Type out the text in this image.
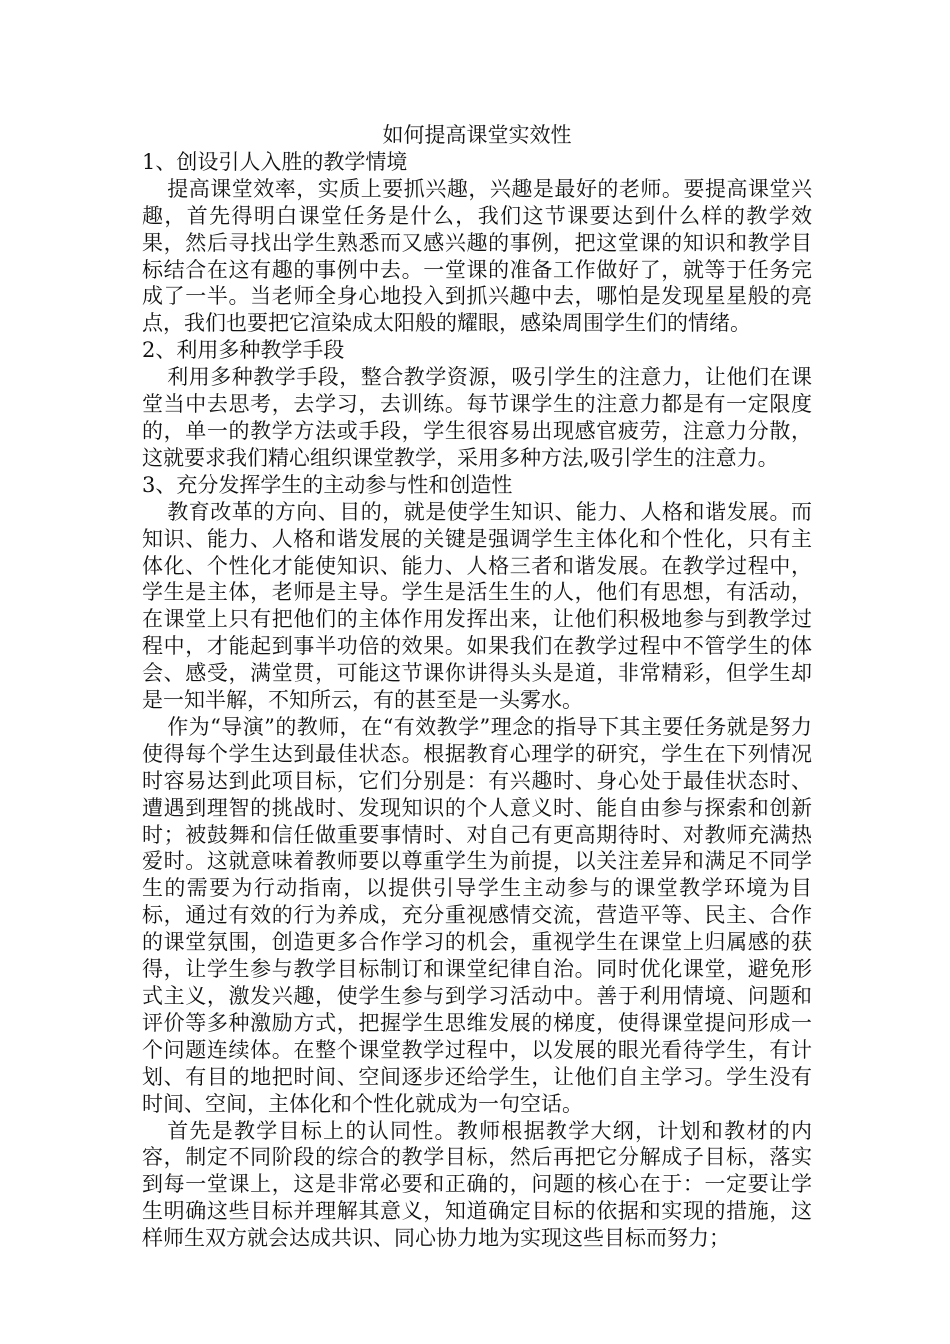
如何提高课堂实效性

1、创设引人入胜的教学情境

提高课堂效率，实质上要抓兴趣，兴趣是最好的老师。要提高课堂兴趣，首先得明白课堂任务是什么，我们这节课要达到什么样的教学效果，然后寻找出学生熟悉而又感兴趣的事例，把这堂课的知识和教学目标结合在这有趣的事例中去。一堂课的准备工作做好了，就等于任务完成了一半。当老师全身心地投入到抓兴趣中去，哪怕是发现星星般的亮点，我们也要把它渲染成太阳般的耀眼，感染周围学生们的情绪。

2、利用多种教学手段

利用多种教学手段，整合教学资源，吸引学生的注意力，让他们在课堂当中去思考，去学习，去训练。每节课学生的注意力都是有一定限度的，单一的教学方法或手段，学生很容易出现感官疲劳，注意力分散，这就要求我们精心组织课堂教学，采用多种方法,吸引学生的注意力。

3、充分发挥学生的主动参与性和创造性

教育改革的方向、目的，就是使学生知识、能力、人格和谐发展。而知识、能力、人格和谐发展的关键是强调学生主体化和个性化，只有主体化、个性化才能使知识、能力、人格三者和谐发展。在教学过程中，学生是主体，老师是主导。学生是活生生的人，他们有思想，有活动，在课堂上只有把他们的主体作用发挥出来，让他们积极地参与到教学过程中，才能起到事半功倍的效果。如果我们在教学过程中不管学生的体会、感受，满堂贯，可能这节课你讲得头头是道，非常精彩，但学生却是一知半解，不知所云，有的甚至是一头雾水。

作为“导演”的教师，在“有效教学”理念的指导下其主要任务就是努力使得每个学生达到最佳状态。根据教育心理学的研究，学生在下列情况时容易达到此项目标，它们分别是：有兴趣时、身心处于最佳状态时、遭遇到理智的挑战时、发现知识的个人意义时、能自由参与探索和创新时；被鼓舞和信任做重要事情时、对自己有更高期待时、对教师充满热爱时。这就意味着教师要以尊重学生为前提，以关注差异和满足不同学生的需要为行动指南，以提供引导学生主动参与的课堂教学环境为目标，通过有效的行为养成，充分重视感情交流，营造平等、民主、合作的课堂氛围，创造更多合作学习的机会，重视学生在课堂上归属感的获得，让学生参与教学目标制订和课堂纪律自治。同时优化课堂，避免形式主义，激发兴趣，使学生参与到学习活动中。善于利用情境、问题和评价等多种激励方式，把握学生思维发展的梯度，使得课堂提问形成一个问题连续体。在整个课堂教学过程中，以发展的眼光看待学生，有计划、有目的地把时间、空间逐步还给学生，让他们自主学习。学生没有时间、空间，主体化和个性化就成为一句空话。

首先是教学目标上的认同性。教师根据教学大纲，计划和教材的内容，制定不同阶段的综合的教学目标，然后再把它分解成子目标，落实到每一堂课上，这是非常必要和正确的，问题的核心在于：一定要让学生明确这些目标并理解其意义，知道确定目标的依据和实现的措施，这样师生双方就会达成共识、同心协力地为实现这些目标而努力；
